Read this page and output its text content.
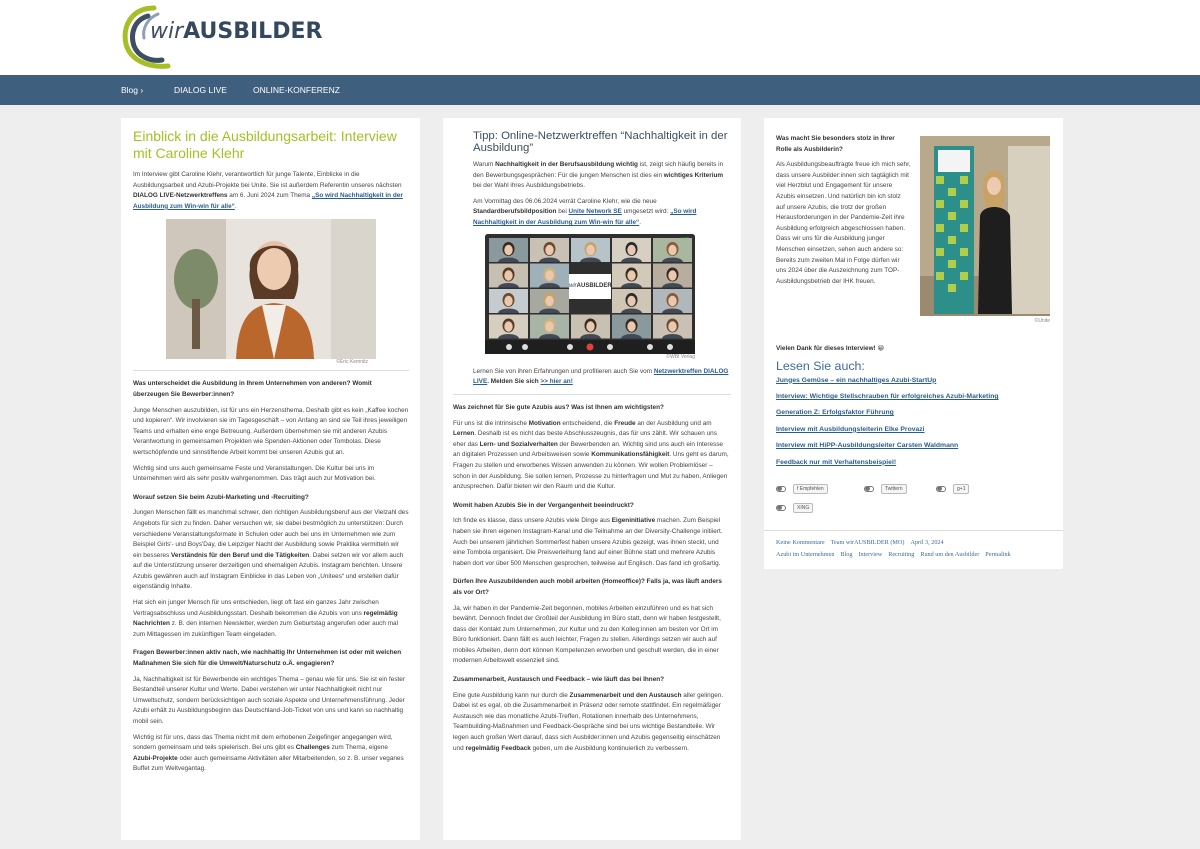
wirAUSBILDER
Blog ›	DIALOG LIVE	ONLINE-KONFERENZ
Einblick in die Ausbildungsarbeit: Interview mit Caroline Klehr

Im Interview gibt Caroline Klehr, verantwortlich für junge Talente, Einblicke in die Ausbildungsarbeit und Azubi-Projekte bei Unite. Sie ist außerdem Referentin unseres nächsten DIALOG LIVE-Netzwerktreffens am 6. Juni 2024 zum Thema „So wird Nachhaltigkeit in der Ausbildung zum Win-win für alle“.

©Eric Kemnitz
Was unterscheidet die Ausbildung in Ihrem Unternehmen von anderen? Womit überzeugen Sie Bewerber:innen?

Junge Menschen auszubilden, ist für uns ein Herzensthema. Deshalb gibt es kein „Kaffee kochen und kopieren“. Wir involvieren sie im Tagesgeschäft – von Anfang an sind sie Teil ihres jeweiligen Teams und erhalten eine enge Betreuung. Außerdem übernehmen sie mit anderen Azubis Verantwortung in gemeinsamen Projekten wie Spenden-Aktionen oder Tombolas. Diese wertschöpfende und sinnstiftende Arbeit kommt bei unseren Azubis gut an.

Wichtig sind uns auch gemeinsame Feste und Veranstaltungen. Die Kultur bei uns im Unternehmen wird als sehr positiv wahrgenommen. Das trägt auch zur Motivation bei.

Worauf setzen Sie beim Azubi-Marketing und -Recruiting?

Jungen Menschen fällt es manchmal schwer, den richtigen Ausbildungsberuf aus der Vielzahl des Angebots für sich zu finden. Daher versuchen wir, sie dabei bestmöglich zu unterstützen: Durch verschiedene Veranstaltungsformate in Schulen oder auch bei uns im Unternehmen wie zum Beispiel Girls'- und Boys'Day, die Leipziger Nacht der Ausbildung sowie Praktika vermitteln wir ein besseres Verständnis für den Beruf und die Tätigkeiten. Dabei setzen wir vor allem auch auf die Unterstützung unserer derzeitigen und ehemaligen Azubis. Instagram berichten. Unsere Azubis gewähren auch auf Instagram Einblicke in das Leben von „Unitees“ und erstellen dafür eigenständig Inhalte.

Hat sich ein junger Mensch für uns entschieden, liegt oft fast ein ganzes Jahr zwischen Vertragsabschluss und Ausbildungsstart. Deshalb bekommen die Azubis von uns regelmäßig Nachrichten z. B. den internen Newsletter, werden zum Geburtstag angerufen oder auch mal zum Mittagessen im zukünftigen Team eingeladen.

Fragen Bewerber:innen aktiv nach, wie nachhaltig Ihr Unternehmen ist oder mit welchen Maßnahmen Sie sich für die Umwelt/Naturschutz o.Ä. engagieren?

Ja, Nachhaltigkeit ist für Bewerbende ein wichtiges Thema – genau wie für uns. Sie ist ein fester Bestandteil unserer Kultur und Werte. Dabei verstehen wir unter Nachhaltigkeit nicht nur Umweltschutz, sondern berücksichtigen auch soziale Aspekte und Unternehmensführung. Jeder Azubi erhält zu Ausbildungsbeginn das Deutschland-Job-Ticket von uns und kann so nachhaltig mobil sein.

Wichtig ist für uns, dass das Thema nicht mit dem erhobenen Zeigefinger angegangen wird, sondern gemeinsam und teils spielerisch. Bei uns gibt es Challenges zum Thema, eigene Azubi-Projekte oder auch gemeinsame Aktivitäten aller Mitarbeitenden, so z. B. unser veganes Buffet zum Weltvegantag.

Tipp: Online-Netzwerktreffen “Nachhaltigkeit in der Ausbildung”

Warum Nachhaltigkeit in der Berufsausbildung wichtig ist, zeigt sich häufig bereits in den Bewerbungsgesprächen: Für die jungen Menschen ist dies ein wichtiges Kriterium bei der Wahl ihres Ausbildungsbetriebs.

Am Vormittag des 06.06.2024 verrät Caroline Klehr, wie die neue Standardberufsbildposition bei Unite Network SE umgesetzt wird: „So wird Nachhaltigkeit in der Ausbildung zum Win-win für alle“.

wirAUSBILDER
LIVE
©WBI Verlag

Lernen Sie von ihren Erfahrungen und profitieren auch Sie vom Netzwerktreffen DIALOG LIVE. Melden Sie sich >> hier an!

Was zeichnet für Sie gute Azubis aus? Was ist Ihnen am wichtigsten?

Für uns ist die intrinsische Motivation entscheidend, die Freude an der Ausbildung und am Lernen. Deshalb ist es nicht das beste Abschlusszeugnis, das für uns zählt. Wir schauen uns eher das Lern- und Sozialverhalten der Bewerbenden an. Wichtig sind uns auch ein Interesse an digitalen Prozessen und Arbeitsweisen sowie Kommunikationsfähigkeit. Uns geht es darum, Fragen zu stellen und erworbenes Wissen anwenden zu können. Wir wollen Problemlöser – schon in der Ausbildung. Sie sollen lernen, Prozesse zu hinterfragen und Mut zu haben, Anliegen anzusprechen. Dafür bieten wir den Raum und die Kultur.

Womit haben Azubis Sie in der Vergangenheit beeindruckt?

Ich finde es klasse, dass unsere Azubis viele Dinge aus Eigeninitiative machen. Zum Beispiel haben sie ihren eigenen Instagram-Kanal und die Teilnahme an der Diversity-Challenge initiiert. Auch bei unserem jährlichen Sommerfest haben unsere Azubis gezeigt, was ihnen steckt, und eine Tombola organisiert. Die Preisverleihung fand auf einer Bühne statt und mehrere Azubis haben dort vor über 500 Menschen gesprochen, teilweise auf Englisch. Das fand ich großartig.

Dürfen Ihre Auszubildenden auch mobil arbeiten (Homeoffice)? Falls ja, was läuft anders als vor Ort?

Ja, wir haben in der Pandemie-Zeit begonnen, mobiles Arbeiten einzuführen und es hat sich bewährt. Dennoch findet der Großteil der Ausbildung im Büro statt, denn wir haben festgestellt, dass der Kontakt zum Unternehmen, zur Kultur und zu den Kolleg:innen am besten vor Ort im Büro funktioniert. Dann fällt es auch leichter, Fragen zu stellen. Allerdings setzen wir auch auf mobiles Arbeiten, denn dort können Kompetenzen erworben und geschult werden, die in einer modernen Arbeitswelt essenziell sind.

Zusammenarbeit, Austausch und Feedback – wie läuft das bei Ihnen?

Eine gute Ausbildung kann nur durch die Zusammenarbeit und den Austausch aller gelingen. Dabei ist es egal, ob die Zusammenarbeit in Präsenz oder remote stattfindet. Ein regelmäßiger Austausch wie das monatliche Azubi-Treffen, Rotationen innerhalb des Unternehmens, Teambuilding-Maßnahmen und Feedback-Gespräche sind bei uns wichtige Bestandteile. Wir legen auch großen Wert darauf, dass sich Ausbilder:innen und Azubis gegenseitig einschätzen und regelmäßig Feedback geben, um die Ausbildung kontinuierlich zu verbessern.

Was macht Sie besonders stolz in Ihrer Rolle als Ausbilderin?

Als Ausbildungsbeauftragte freue ich mich sehr, dass unsere Ausbilder:innen sich tagtäglich mit viel Herzblut und Engagement für unsere Azubis einsetzen. Und natürlich bin ich stolz auf unsere Azubis, die trotz der großen Herausforderungen in der Pandemie-Zeit ihre Ausbildung erfolgreich abgeschlossen haben. Dass wir uns für die Ausbildung junger Menschen einsetzen, sehen auch andere so: Bereits zum zweiten Mal in Folge dürfen wir uns 2024 über die Auszeichnung zum TOP-Ausbildungsbetrieb der IHK freuen.

©Unite

Vielen Dank für dieses Interview! 😀

Lesen Sie auch:
Junges Gemüse – ein nachhaltiges Azubi-StartUp
Interview: Wichtige Stellschrauben für erfolgreiches Azubi-Marketing
Generation Z: Erfolgsfaktor Führung
Interview mit Ausbildungsleiterin Elke Provazi
Interview mit HiPP-Ausbildungsleiter Carsten Waldmann
Feedback nur mit Verhaltensbeispiel!
f Empfehlen	Twittern	g+1
XING
Keine Kommentare Team wirAUSBILDER (MO) April 3, 2024
Azubi im Unternehmen Blog Interview Recruiting Rund um den Ausbilder Permalink
